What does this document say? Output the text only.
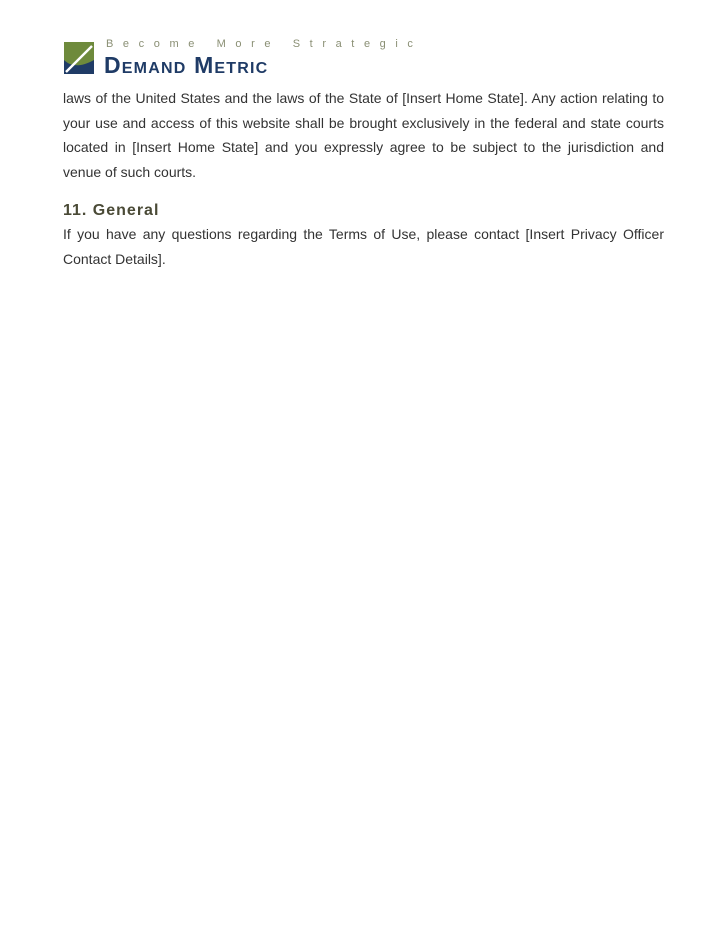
Become More Strategic
Demand Metric

laws of the United States and the laws of the State of [Insert Home State]. Any action relating to your use and access of this website shall be brought exclusively in the federal and state courts located in [Insert Home State] and you expressly agree to be subject to the jurisdiction and venue of such courts.

11. General

If you have any questions regarding the Terms of Use, please contact [Insert Privacy Officer Contact Details].
